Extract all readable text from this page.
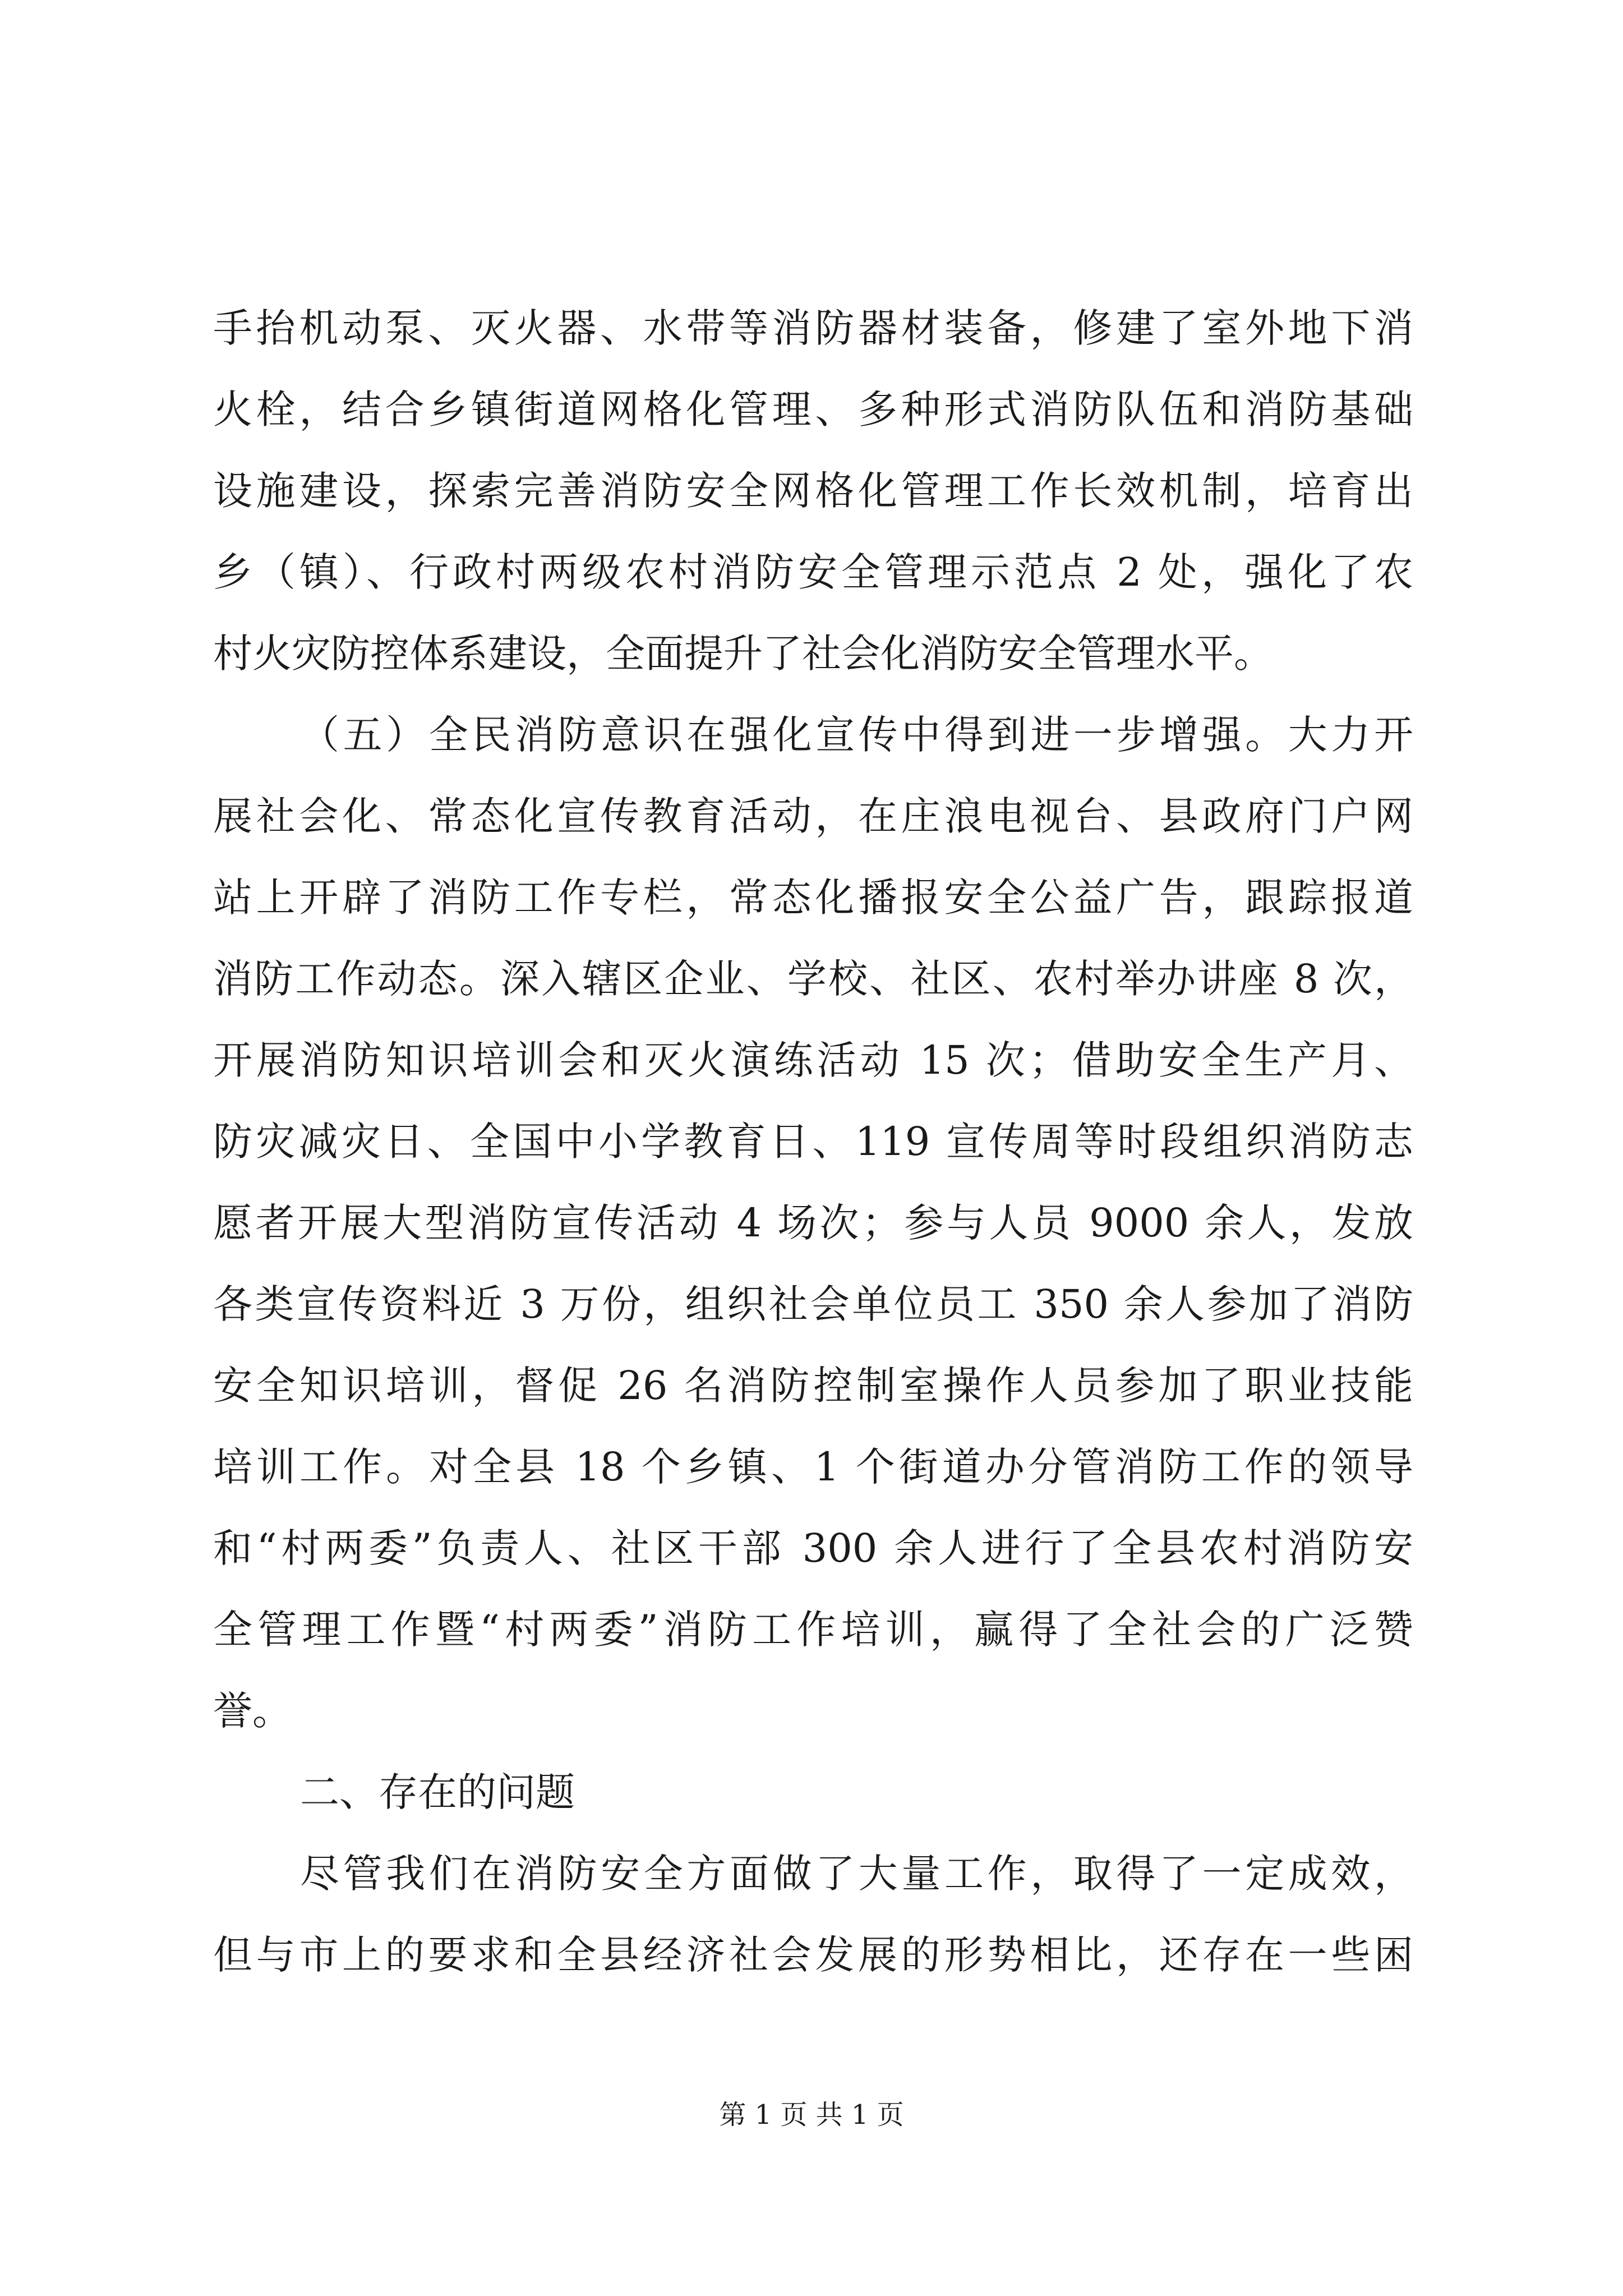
手抬机动泵、灭火器、水带等消防器材装备，修建了室外地下消
火栓，结合乡镇街道网格化管理、多种形式消防队伍和消防基础
设施建设，探索完善消防安全网格化管理工作长效机制，培育出
乡（镇）、行政村两级农村消防安全管理示范点 2 处，强化了农
村火灾防控体系建设，全面提升了社会化消防安全管理水平。
（五）全民消防意识在强化宣传中得到进一步增强。大力开
展社会化、常态化宣传教育活动，在庄浪电视台、县政府门户网
站上开辟了消防工作专栏，常态化播报安全公益广告，跟踪报道
消防工作动态。深入辖区企业、学校、社区、农村举办讲座 8 次，
开展消防知识培训会和灭火演练活动 15 次；借助安全生产月、
防灾减灾日、全国中小学教育日、119 宣传周等时段组织消防志
愿者开展大型消防宣传活动 4 场次；参与人员 9000 余人，发放
各类宣传资料近 3 万份，组织社会单位员工 350 余人参加了消防
安全知识培训，督促 26 名消防控制室操作人员参加了职业技能
培训工作。对全县 18 个乡镇、1 个街道办分管消防工作的领导
和“村两委”负责人、社区干部 300 余人进行了全县农村消防安
全管理工作暨“村两委”消防工作培训，赢得了全社会的广泛赞
誉。
二、存在的问题
尽管我们在消防安全方面做了大量工作，取得了一定成效，
但与市上的要求和全县经济社会发展的形势相比，还存在一些困
第 1 页 共 1 页
